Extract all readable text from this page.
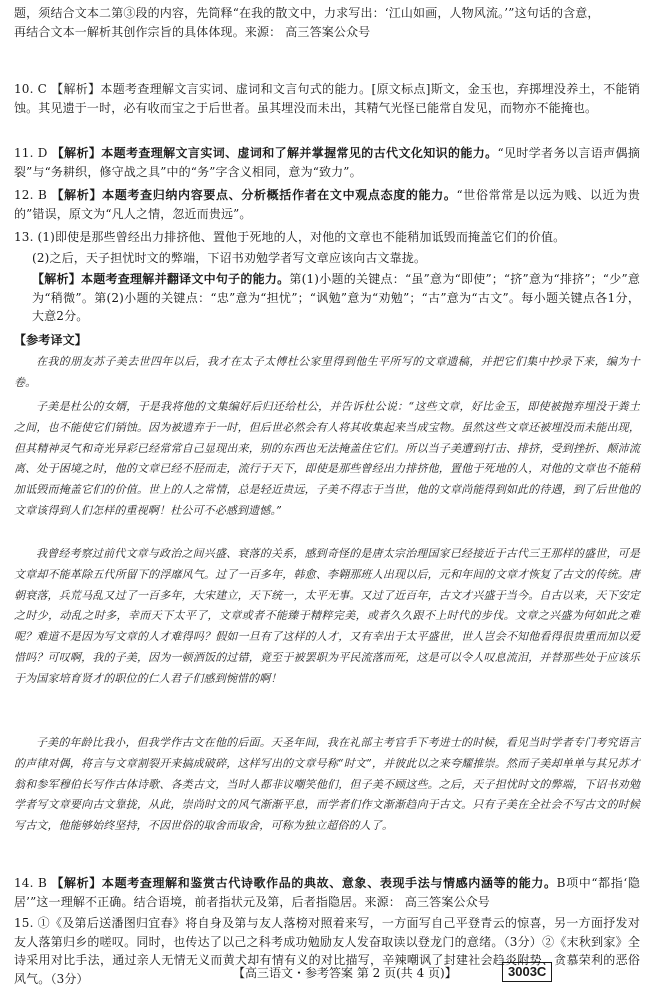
题，须结合文本二第③段的内容，先筒释“在我的散文中，力求写出：‘江山如画，人物风流。’”这句话的含意，
再结合文本一解析其创作宗旨的具体体现。来源： 高三答案公众号
10. C 【解析】本题考查理解文言实词、虚词和文言句式的能力。[原文标点]斯文，金玉也，弃掷埋没养土，不能销蚀。其见遗于一时，必有收而宝之于后世者。虽其埋没而未出，其精气光怪已能常自发见，而物亦不能掩也。
11. D 【解析】本题考查理解文言实词、虚词和了解并掌握常见的古代文化知识的能力。“见时学者务以言语声偶摘裂”与“务耕织，修守战之具”中的“务”字含义相同，意为“致力”。
12. B 【解析】本题考查归纳内容要点、分析概括作者在文中观点态度的能力。“世俗常常是以远为贱、以近为贵的”错误，原文为“凡人之情，忽近而贵远”。
13. (1)即使是那些曾经出力排挤他、置他于死地的人，对他的文章也不能稍加诋毁而掩盖它们的价值。
(2)之后，天子担忧时文的弊端，下诏书劝勉学者写文章应该向古文靠拢。
【解析】本题考查理解并翻译文中句子的能力。第(1)小题的关键点：“虽”意为“即使”；“挤”意为“排挤”；“少”意为“稍微”。第(2)小题的关键点：“忠”意为“担忧”；“讽勉”意为“劝勉”；“古”意为“古文”。每小题关键点各1分，大意2分。
【参考译文】
在我的朋友苏子美去世四年以后，我才在太子太傅杜公家里得到他生平所写的文章遗稿，并把它们集中抄录下来，编为十卷。
子美是杜公的女婿，于是我将他的文集编好后归还给杜公，并告诉杜公说：“这些文章，好比金玉，即使被抛弃埋没于粪土之间，也不能使它们销蚀。因为被遗弃于一时，但后世必然会有人将其收集起来当成宝物。虽然这些文章还被埋没而未能出现，但其精神灵气和奇光异彩已经常常自己显现出来，别的东西也无法掩盖住它们。所以当子美遭到打击、排挤，受到挫折、颠沛流离、处于困境之时，他的文章已经不胫而走，流行于天下，即使是那些曾经出力排挤他，置他于死地的人，对他的文章也不能稍加诋毁而掩盖它们的价值。世上的人之常情，总是轻近贵远，子美不得志于当世，他的文章尚能得到如此的待遇，到了后世他的文章该得到人们怎样的重视啊！杜公可不必感到遗憾。”
我曾经考察过前代文章与政治之间兴盛、衰落的关系，感到奇怪的是唐太宗治理国家已经接近于古代三王那样的盛世，可是文章却不能革除五代所留下的浮靡风气。过了一百多年，韩愈、李翱那班人出现以后，元和年间的文章才恢复了古文的传统。唐朝衰落，兵荒马乱又过了一百多年，大宋建立，天下统一，太平无事。又过了近百年，古文才兴盛于当今。自古以来，天下安定之时少，动乱之时多，幸而天下太平了，文章或者不能臻于精粹完美，或者久久跟不上时代的步伐。文章之兴盛为何如此之难呢？难道不是因为写文章的人才难得吗？假如一旦有了这样的人才，又有幸出于太平盛世，世人岂会不知他看得很贵重而加以爱惜吗？可叹啊，我的子美，因为一顿酒饭的过错，竟至于被罢职为平民流落而死，这是可以令人叹息流泪，并替那些处于应该乐于为国家培育贤才的职位的仁人君子们感到惋惜的啊！
子美的年龄比我小，但我学作古文在他的后面。天圣年间，我在礼部主考官手下考进士的时候，看见当时学者专门考究语言的声律对偶，将言与文章割裂开来搞成破碎，这样写出的文章号称“时文”，并彼此以之来夸耀推崇。然而子美却单单与其兄苏才翁和参军穆伯长写作古体诗歌、各类古文，当时人都非议嘲笑他们，但子美不顾这些。之后，天子担忧时文的弊端，下诏书劝勉学者写文章要向古文靠拢，从此，崇尚时文的风气渐渐平息，而学者们作文渐渐趋向于古文。只有子美在全社会不写古文的时候写古文，他能够始终坚持，不因世俗的取舍而取舍，可称为独立超俗的人了。
14. B 【解析】本题考查理解和鉴赏古代诗歌作品的典故、意象、表现手法与情感内涵等的能力。B项中“都指‘隐居’”这一理解不正确。结合语境，前者指状元及第，后者指隐居。来源： 高三答案公众号
15. ①《及第后送潘图归宜春》将自身及第与友人落榜对照着来写，一方面写自己平登青云的惊喜，另一方面抒发对友人落第归乡的嗟叹。同时，也传达了以己之科考成功勉励友人发奋取读以登龙门的意绪。（3分）②《末秋到家》全诗采用对比手法，通过亲人无情无义而黄犬却有情有义的对比描写，辛辣嘲讽了封建社会趋炎附势、贪慕荣利的恶俗风气。（3分）	【高三语文・参考答案 第 2 页(共 4 页)】	3003C
